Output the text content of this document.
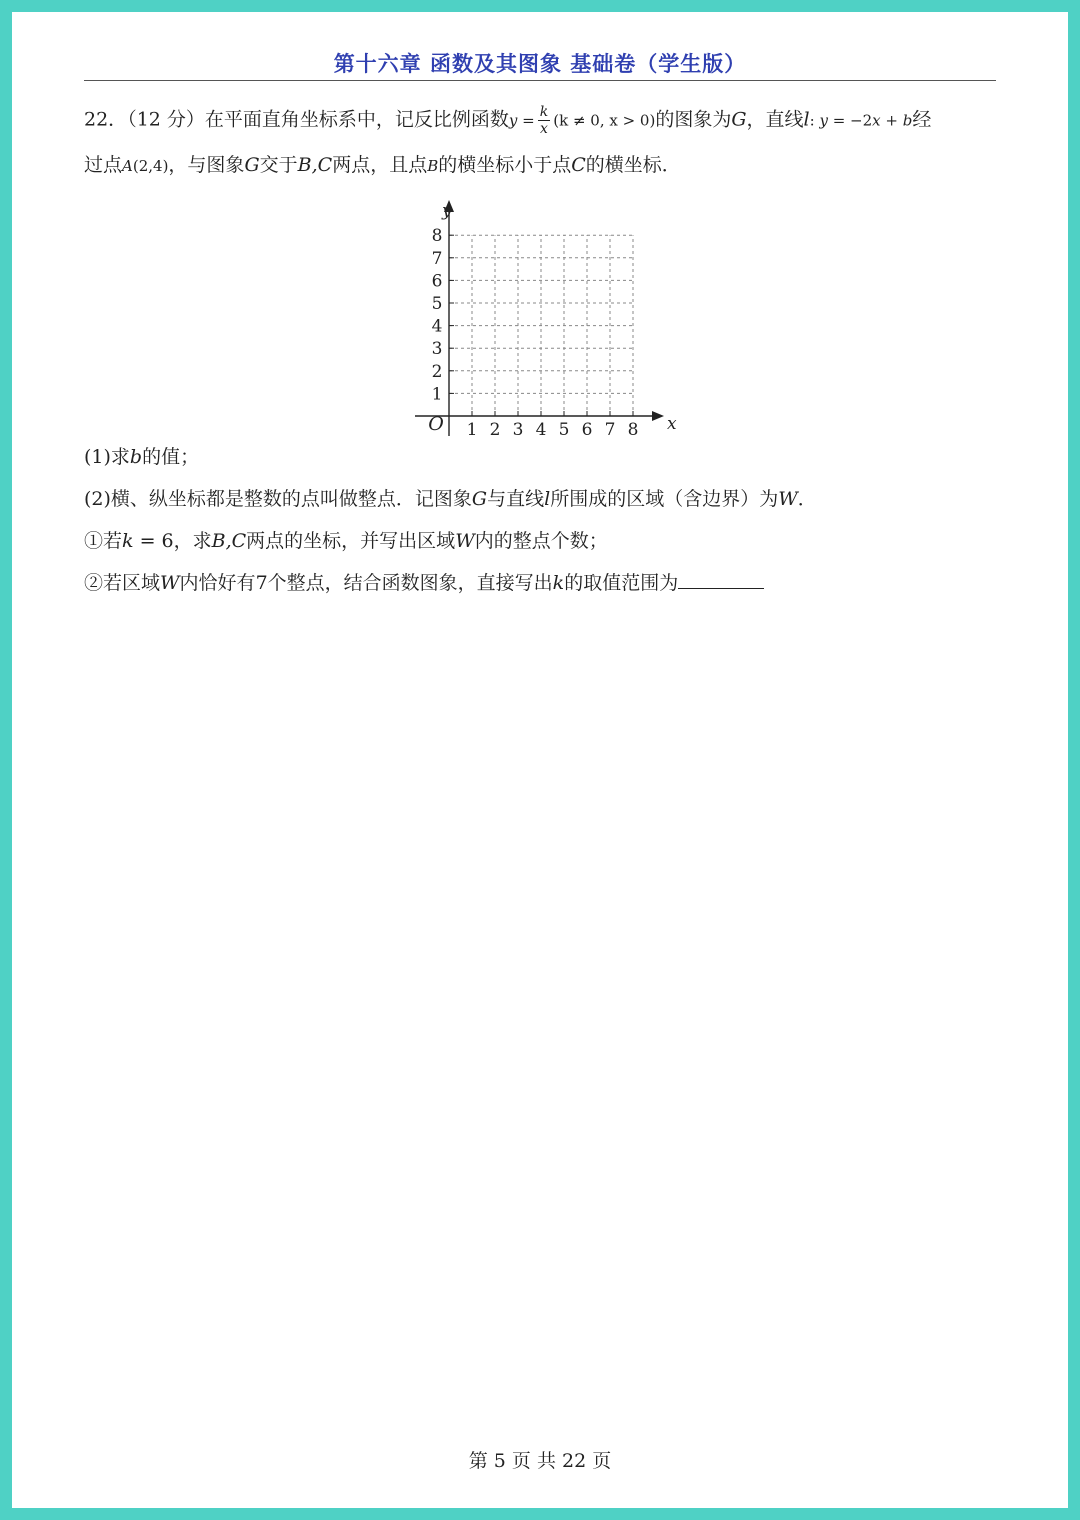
第十六章 函数及其图象 基础卷（学生版）
22．（12 分）在平面直角坐标系中，记反比例函数$y = \frac{k}{x} (k \ne 0$, x > 0)的图象为G，直线l: y = −2x + b经
过点A(2,4)，与图象G交于B,C两点，且点B的横坐标小于点C的横坐标．
1 2 3 4 5 6 7 8
1
2
3
4
5
6
7
8
x
y
O
(1)求b的值；
(2)横、纵坐标都是整数的点叫做整点．记图象G与直线l所围成的区域（含边界）为W．
①若k = 6，求B,C两点的坐标，并写出区域W内的整点个数；
②若区域W内恰好有7个整点，结合函数图象，直接写出k的取值范围为
第 5 页 共 22 页
